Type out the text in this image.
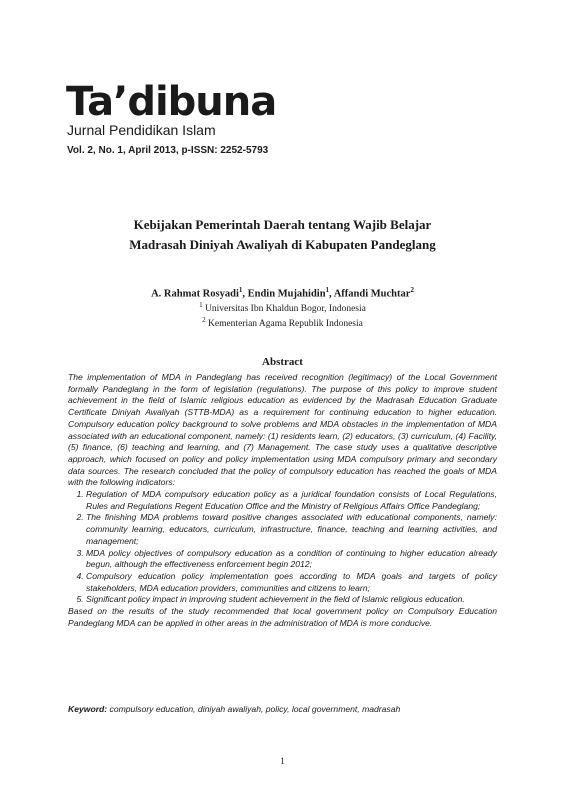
Ta’dibuna
Jurnal Pendidikan Islam
Vol. 2, No. 1, April 2013, p-ISSN: 2252-5793
Kebijakan Pemerintah Daerah tentang Wajib Belajar
Madrasah Diniyah Awaliyah di Kabupaten Pandeglang
A. Rahmat Rosyadi$^1$, Endin Mujahidin$^1$, Affandi Muchtar$^2$
$^1$ Universitas Ibn Khaldun Bogor, Indonesia
$^2$ Kementerian Agama Republik Indonesia
Abstract

The implementation of MDA in Pandeglang has received recognition (legitimacy) of the Local Government formally Pandeglang in the form of legislation (regulations). The purpose of this policy to improve student achievement in the field of Islamic religious education as evidenced by the Madrasah Education Graduate Certificate Diniyah Awaliyah (STTB-MDA) as a requirement for continuing education to higher education. Compulsory education policy background to solve problems and MDA obstacles in the implementation of MDA associated with an educational component, namely: (1) residents learn, (2) educators, (3) curriculum, (4) Facility, (5) finance, (6) teaching and learning, and (7) Management. The case study uses a qualitative descriptive approach, which focused on policy and policy implementation using MDA compulsory primary and secondary data sources. The research concluded that the policy of compulsory education has reached the goals of MDA with the following indicators:

1. Regulation of MDA compulsory education policy as a juridical foundation consists of Local Regulations, Rules and Regulations Regent Education Office and the Ministry of Religious Affairs Office Pandeglang;
2. The finishing MDA problems toward positive changes associated with educational components, namely: community learning, educators, curriculum, infrastructure, finance, teaching and learning activities, and management;
3. MDA policy objectives of compulsory education as a condition of continuing to higher education already begun, although the effectiveness enforcement begin 2012;
4. Compulsory education policy implementation goes according to MDA goals and targets of policy stakeholders, MDA education providers, communities and citizens to learn;
5. Significant policy impact in improving student achievement in the field of Islamic religious education.

Based on the results of the study recommended that local government policy on Compulsory Education Pandeglang MDA can be applied in other areas in the administration of MDA is more conducive.

Keyword: compulsory education, diniyah awaliyah, policy, local government, madrasah
1
